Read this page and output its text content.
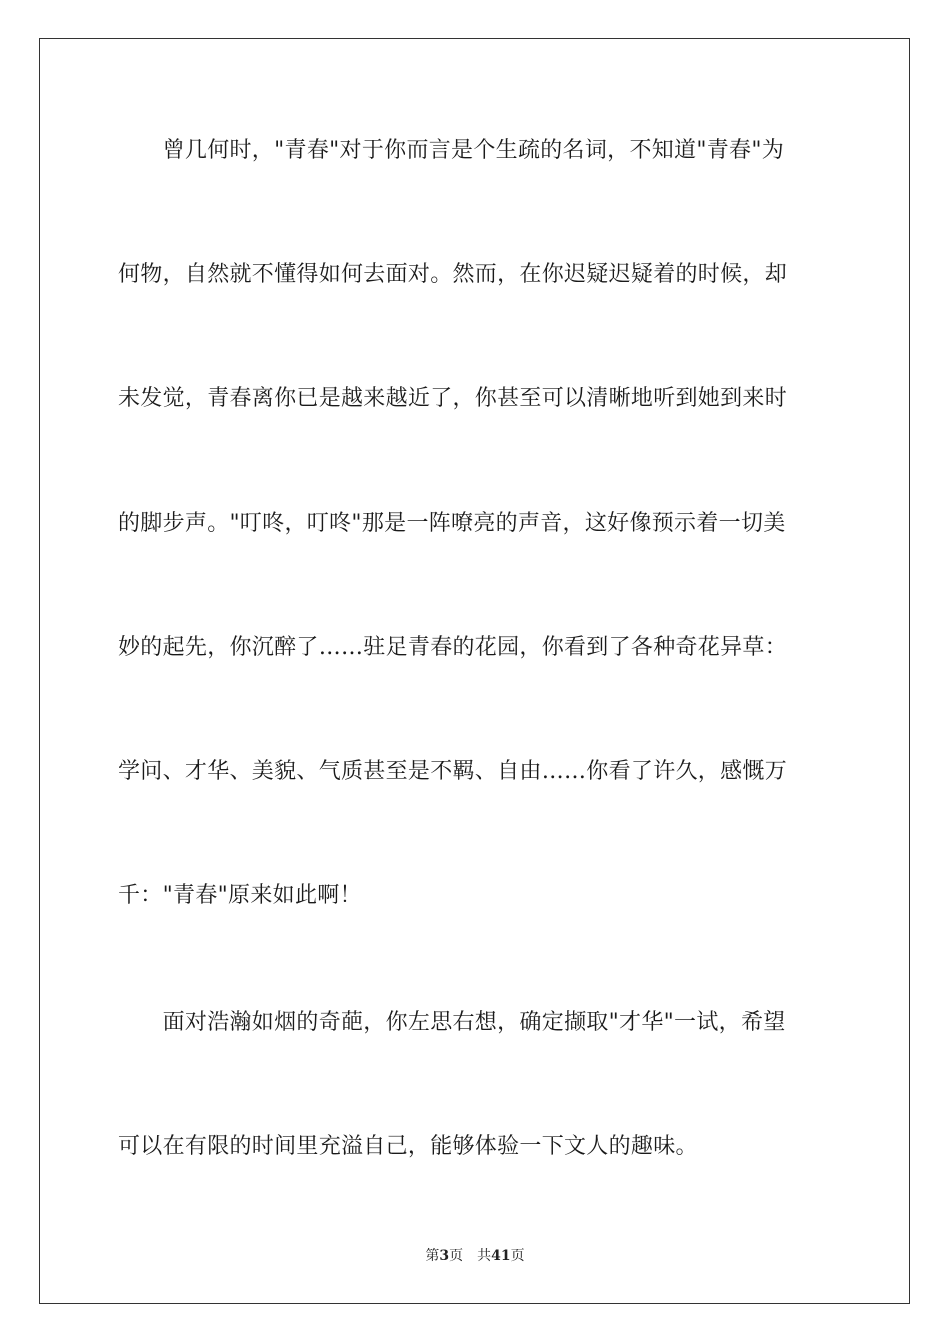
　　曾几何时，"青春"对于你而言是个生疏的名词，不知道"青春"为
何物，自然就不懂得如何去面对。然而，在你迟疑迟疑着的时候，却
未发觉，青春离你已是越来越近了，你甚至可以清晰地听到她到来时
的脚步声。"叮咚，叮咚"那是一阵嘹亮的声音，这好像预示着一切美
妙的起先，你沉醉了……驻足青春的花园，你看到了各种奇花异草：
学问、才华、美貌、气质甚至是不羁、自由……你看了许久，感慨万
千："青春"原来如此啊！
　　面对浩瀚如烟的奇葩，你左思右想，确定撷取"才华"一试，希望
可以在有限的时间里充溢自己，能够体验一下文人的趣味。
第3页 共41页
